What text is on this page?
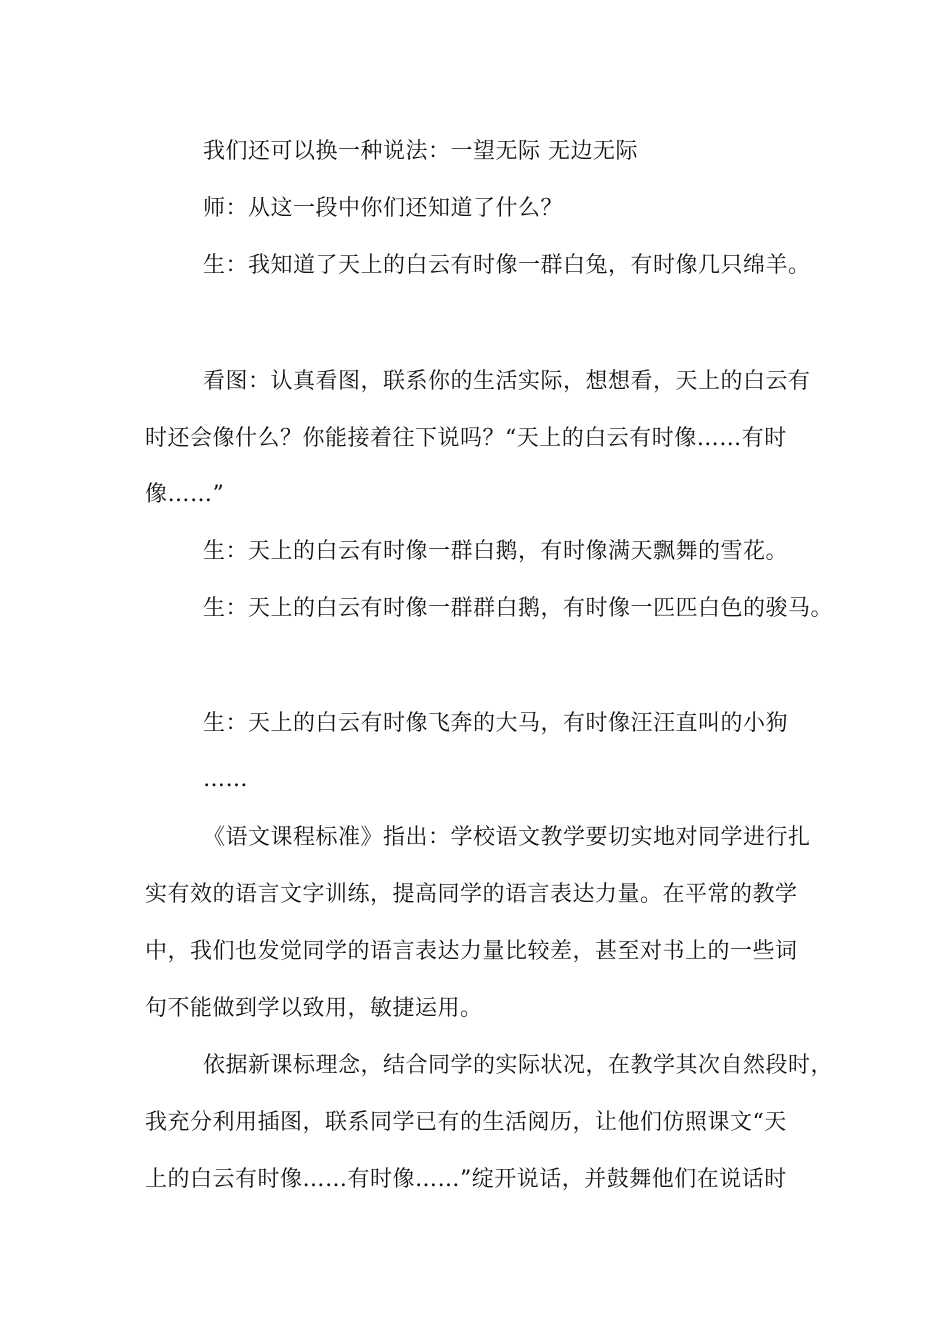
我们还可以换一种说法：一望无际 无边无际

师：从这一段中你们还知道了什么？

生：我知道了天上的白云有时像一群白兔，有时像几只绵羊。

看图：认真看图，联系你的生活实际，想想看，天上的白云有

时还会像什么？你能接着往下说吗？“天上的白云有时像……有时

像……”

生：天上的白云有时像一群白鹅，有时像满天飘舞的雪花。

生：天上的白云有时像一群群白鹅，有时像一匹匹白色的骏马。

生：天上的白云有时像飞奔的大马，有时像汪汪直叫的小狗

……

《语文课程标准》指出：学校语文教学要切实地对同学进行扎

实有效的语言文字训练，提高同学的语言表达力量。在平常的教学

中，我们也发觉同学的语言表达力量比较差，甚至对书上的一些词

句不能做到学以致用，敏捷运用。

依据新课标理念，结合同学的实际状况，在教学其次自然段时，

我充分利用插图，联系同学已有的生活阅历，让他们仿照课文“天

上的白云有时像……有时像……”绽开说话，并鼓舞他们在说话时
